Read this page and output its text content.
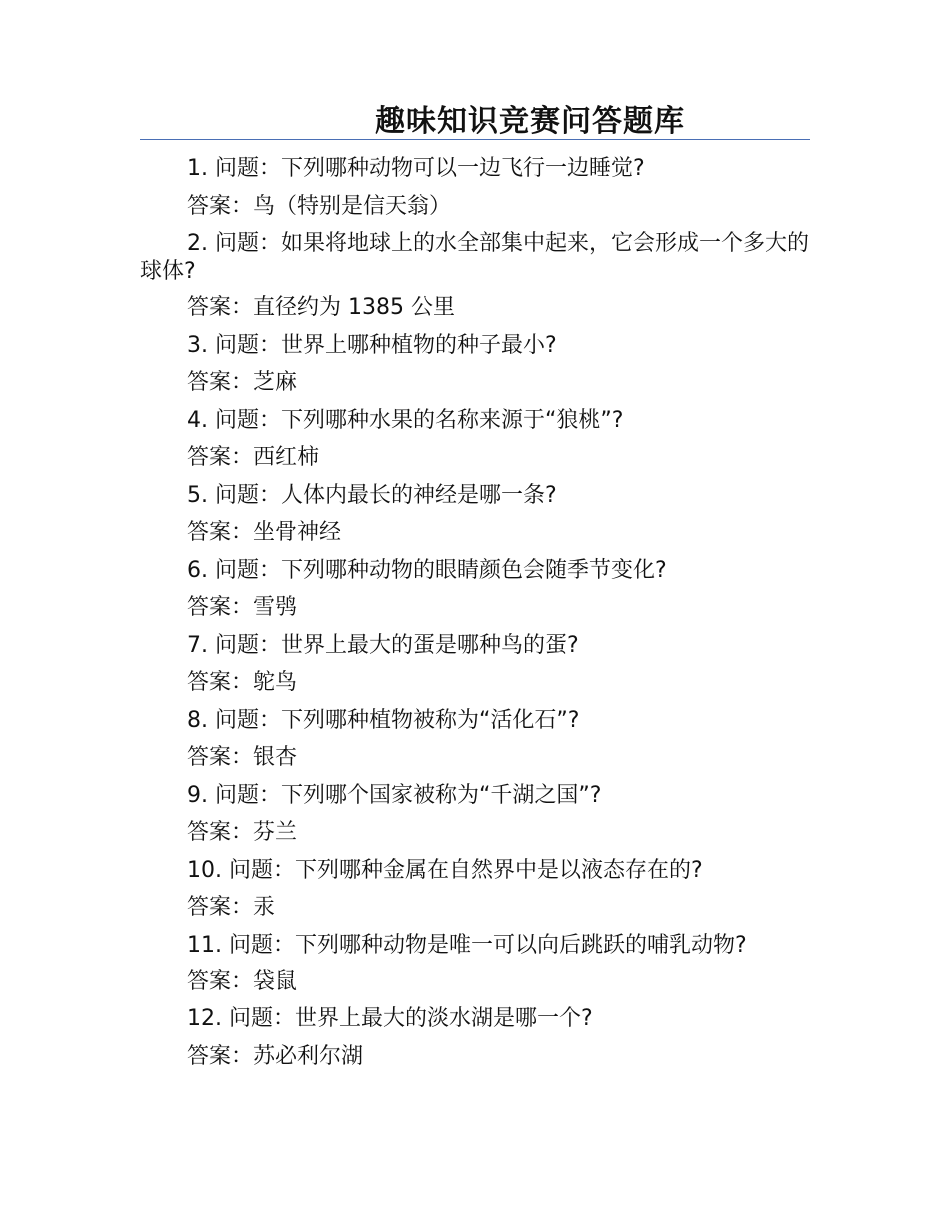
趣味知识竞赛问答题库

1. 问题：下列哪种动物可以一边飞行一边睡觉?

答案：鸟（特别是信天翁）

2. 问题：如果将地球上的水全部集中起来，它会形成一个多大的球体?

答案：直径约为 1385 公里

3. 问题：世界上哪种植物的种子最小?

答案：芝麻

4. 问题：下列哪种水果的名称来源于“狼桃”?

答案：西红柿

5. 问题：人体内最长的神经是哪一条?

答案：坐骨神经

6. 问题：下列哪种动物的眼睛颜色会随季节变化?

答案：雪鸮

7. 问题：世界上最大的蛋是哪种鸟的蛋?

答案：鸵鸟

8. 问题：下列哪种植物被称为“活化石”?

答案：银杏

9. 问题：下列哪个国家被称为“千湖之国”?

答案：芬兰

10. 问题：下列哪种金属在自然界中是以液态存在的?

答案：汞

11. 问题：下列哪种动物是唯一可以向后跳跃的哺乳动物?

答案：袋鼠

12. 问题：世界上最大的淡水湖是哪一个?

答案：苏必利尔湖
